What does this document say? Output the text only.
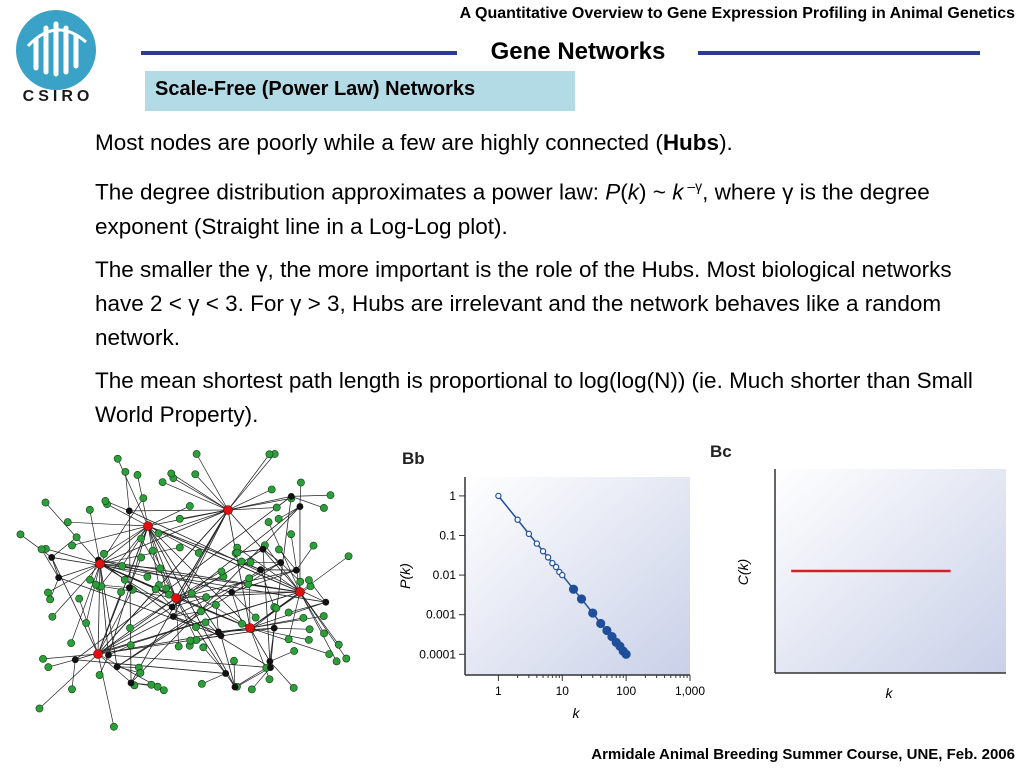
CSIRO
A Quantitative Overview to Gene Expression Profiling in Animal Genetics
Gene Networks
Scale-Free (Power Law) Networks

Most nodes are poorly while a few are highly connected (Hubs).

The degree distribution approximates a power law: P(k) ~ k $^{-\gamma}$, where γ is the degree exponent (Straight line in a Log-Log plot).

The smaller the γ, the more important is the role of the Hubs. Most biological networks have 2 < γ < 3. For γ > 3, Hubs are irrelevant and the network behaves like a random network.

The mean shortest path length is proportional to log(log(N)) (ie. Much shorter than Small World Property).

Bb
1	10	100	1,000
1
0.1
0.01
0.001
0.0001
P(k)
k
Bc
C(k)
k
Armidale Animal Breeding Summer Course, UNE, Feb. 2006
